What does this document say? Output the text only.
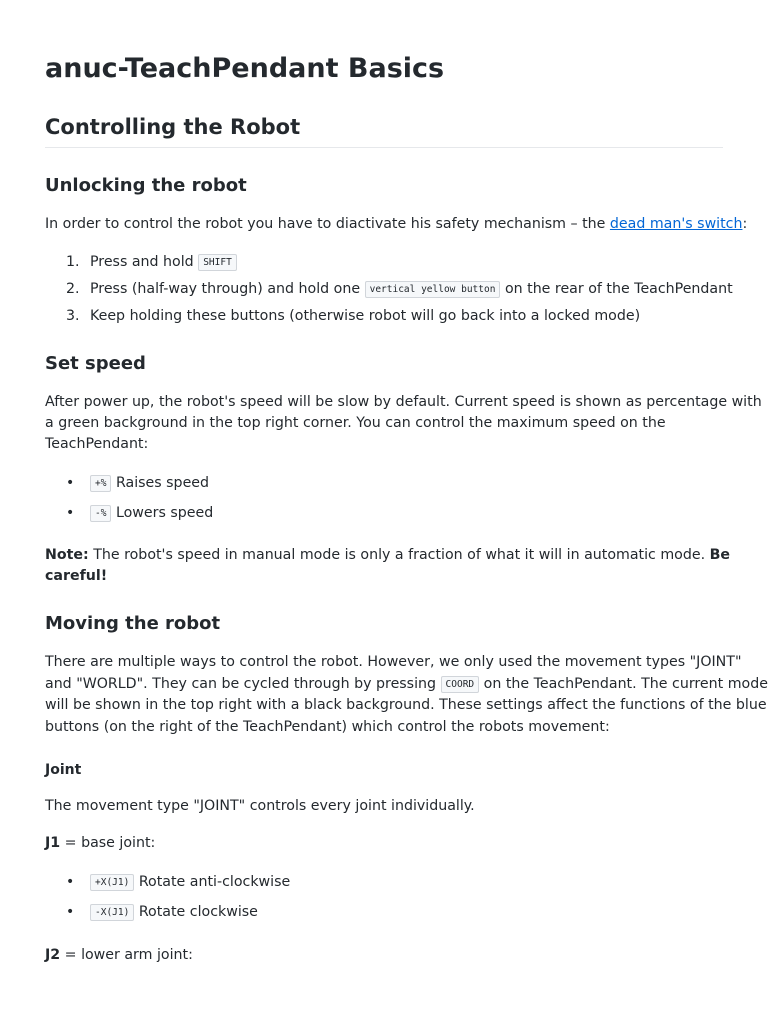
anuc-TeachPendant Basics
Controlling the Robot
Unlocking the robot

In order to control the robot you have to diactivate his safety mechanism – the dead man's switch:

1. Press and hold SHIFT
2. Press (half-way through) and hold one vertical yellow button on the rear of the TeachPendant
3. Keep holding these buttons (otherwise robot will go back into a locked mode)
Set speed

After power up, the robot's speed will be slow by default. Current speed is shown as percentage with
a green background in the top right corner. You can control the maximum speed on the
TeachPendant:

•	+% Raises speed
•	-% Lowers speed

Note: The robot's speed in manual mode is only a fraction of what it will in automatic mode. Be
careful!

Moving the robot

There are multiple ways to control the robot. However, we only used the movement types "JOINT"
and "WORLD". They can be cycled through by pressing COORD on the TeachPendant. The current mode
will be shown in the top right with a black background. These settings affect the functions of the blue
buttons (on the right of the TeachPendant) which control the robots movement:

Joint

The movement type "JOINT" controls every joint individually.

J1 = base joint:

•	+X(J1) Rotate anti-clockwise
•	-X(J1) Rotate clockwise

J2 = lower arm joint:
